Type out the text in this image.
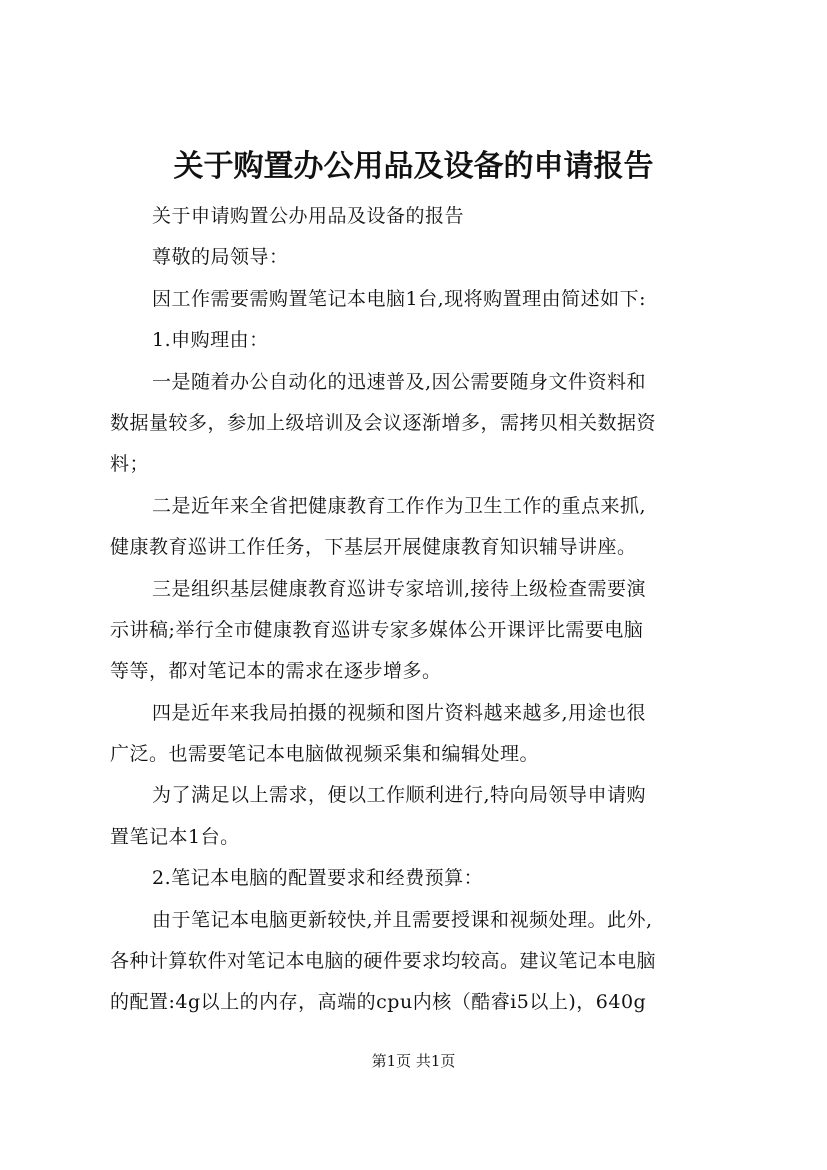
关于购置办公用品及设备的申请报告
关于申请购置公办用品及设备的报告
尊敬的局领导：
因工作需要需购置笔记本电脑1台,现将购置理由简述如下:
1.申购理由：
一是随着办公自动化的迅速普及,因公需要随身文件资料和
数据量较多，参加上级培训及会议逐渐增多，需拷贝相关数据资
料；
二是近年来全省把健康教育工作作为卫生工作的重点来抓,
健康教育巡讲工作任务，下基层开展健康教育知识辅导讲座。
三是组织基层健康教育巡讲专家培训,接待上级检查需要演
示讲稿;举行全市健康教育巡讲专家多媒体公开课评比需要电脑
等等，都对笔记本的需求在逐步增多。
四是近年来我局拍摄的视频和图片资料越来越多,用途也很
广泛。也需要笔记本电脑做视频采集和编辑处理。
为了满足以上需求，便以工作顺利进行,特向局领导申请购
置笔记本1台。
2.笔记本电脑的配置要求和经费预算：
由于笔记本电脑更新较快,并且需要授课和视频处理。此外,
各种计算软件对笔记本电脑的硬件要求均较高。建议笔记本电脑
的配置:4g以上的内存，高端的cpu内核（酷睿i5以上)，640g
第1页 共1页
